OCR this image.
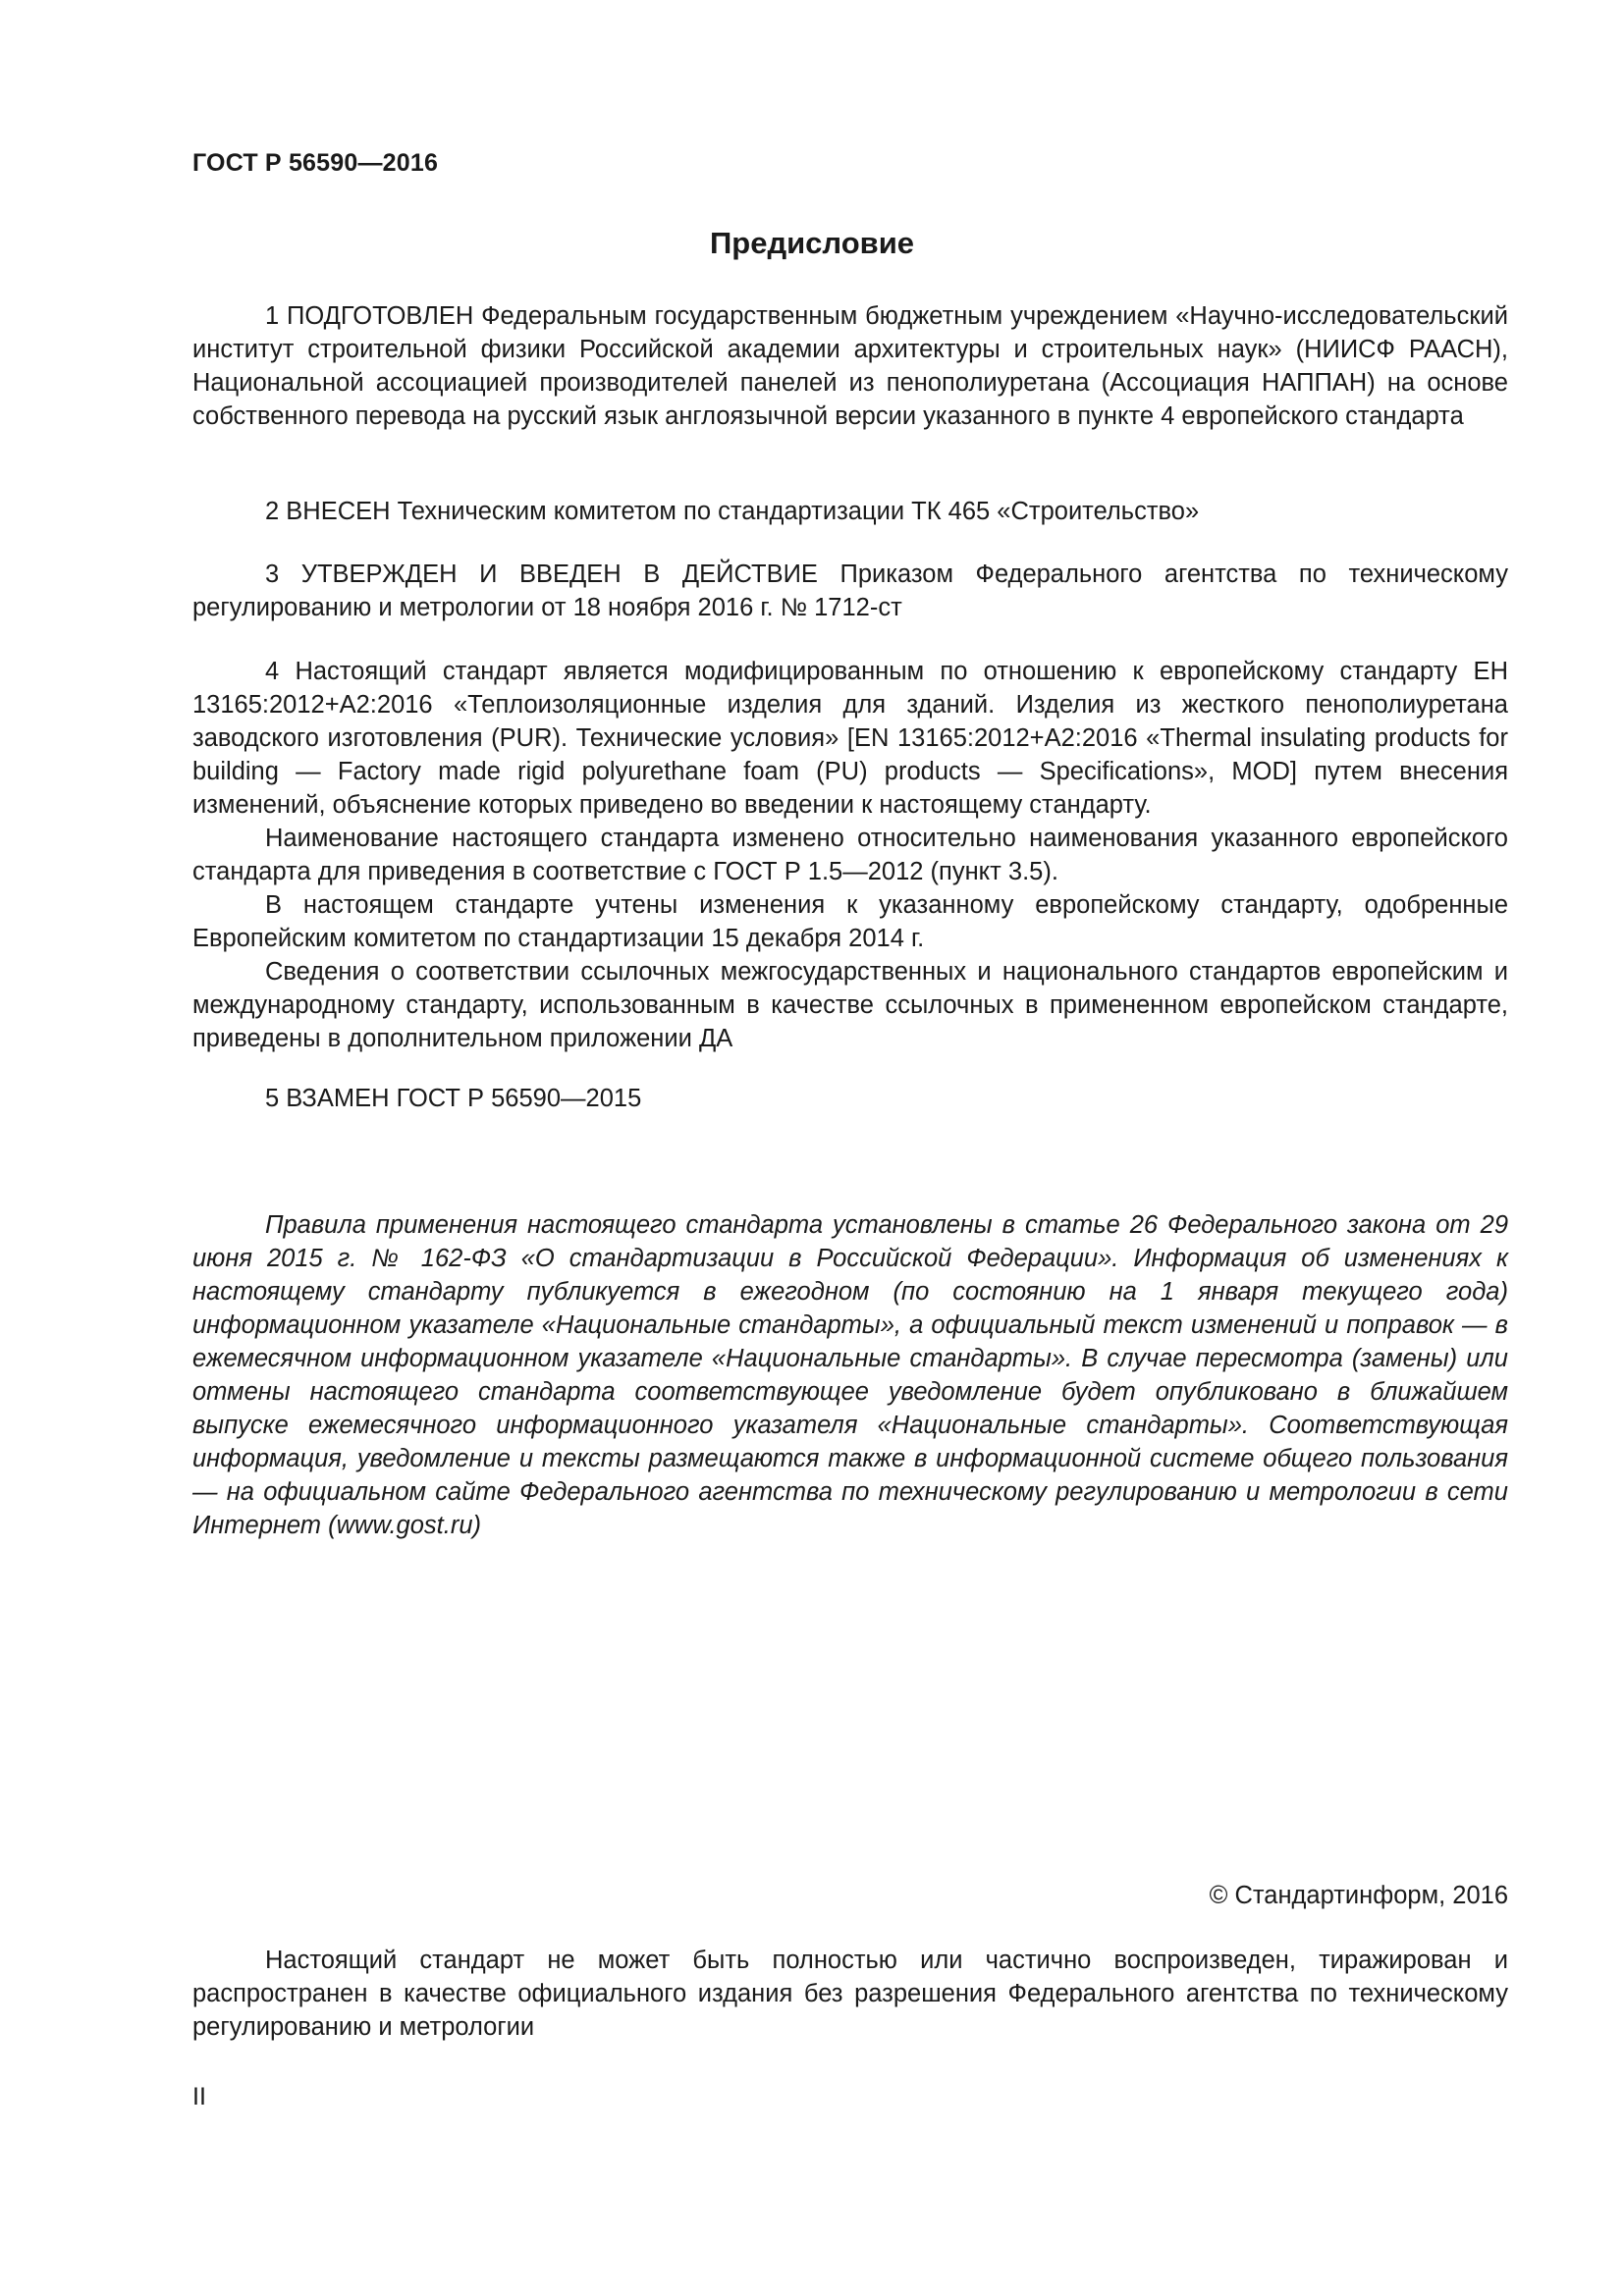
ГОСТ Р 56590—2016
Предисловие

1 ПОДГОТОВЛЕН Федеральным государственным бюджетным учреждением «Научно-исследовательский институт строительной физики Российской академии архитектуры и строительных наук» (НИИСФ РААСН), Национальной ассоциацией производителей панелей из пенополиуретана (Ассоциация НАППАН) на основе собственного перевода на русский язык англоязычной версии указанного в пункте 4 европейского стандарта

2 ВНЕСЕН Техническим комитетом по стандартизации ТК 465 «Строительство»

3 УТВЕРЖДЕН И ВВЕДЕН В ДЕЙСТВИЕ Приказом Федерального агентства по техническому регулированию и метрологии от 18 ноября 2016 г. № 1712-ст

4 Настоящий стандарт является модифицированным по отношению к европейскому стандарту ЕН 13165:2012+А2:2016 «Теплоизоляционные изделия для зданий. Изделия из жесткого пенополиуретана заводского изготовления (PUR). Технические условия» [EN 13165:2012+A2:2016 «Thermal insulating products for building — Factory made rigid polyurethane foam (PU) products — Specifications», MOD] путем внесения изменений, объяснение которых приведено во введении к настоящему стандарту.

Наименование настоящего стандарта изменено относительно наименования указанного европейского стандарта для приведения в соответствие с ГОСТ Р 1.5—2012 (пункт 3.5).

В настоящем стандарте учтены изменения к указанному европейскому стандарту, одобренные Европейским комитетом по стандартизации 15 декабря 2014 г.

Сведения о соответствии ссылочных межгосударственных и национального стандартов европейским и международному стандарту, использованным в качестве ссылочных в примененном европейском стандарте, приведены в дополнительном приложении ДА

5 ВЗАМЕН ГОСТ Р 56590—2015

Правила применения настоящего стандарта установлены в статье 26 Федерального закона от 29 июня 2015 г. № 162-ФЗ «О стандартизации в Российской Федерации». Информация об изменениях к настоящему стандарту публикуется в ежегодном (по состоянию на 1 января текущего года) информационном указателе «Национальные стандарты», а официальный текст изменений и поправок — в ежемесячном информационном указателе «Национальные стандарты». В случае пересмотра (замены) или отмены настоящего стандарта соответствующее уведомление будет опубликовано в ближайшем выпуске ежемесячного информационного указателя «Национальные стандарты». Соответствующая информация, уведомление и тексты размещаются также в информационной системе общего пользования — на официальном сайте Федерального агентства по техническому регулированию и метрологии в сети Интернет (www.gost.ru)

© Стандартинформ, 2016

Настоящий стандарт не может быть полностью или частично воспроизведен, тиражирован и распространен в качестве официального издания без разрешения Федерального агентства по техническому регулированию и метрологии

II
